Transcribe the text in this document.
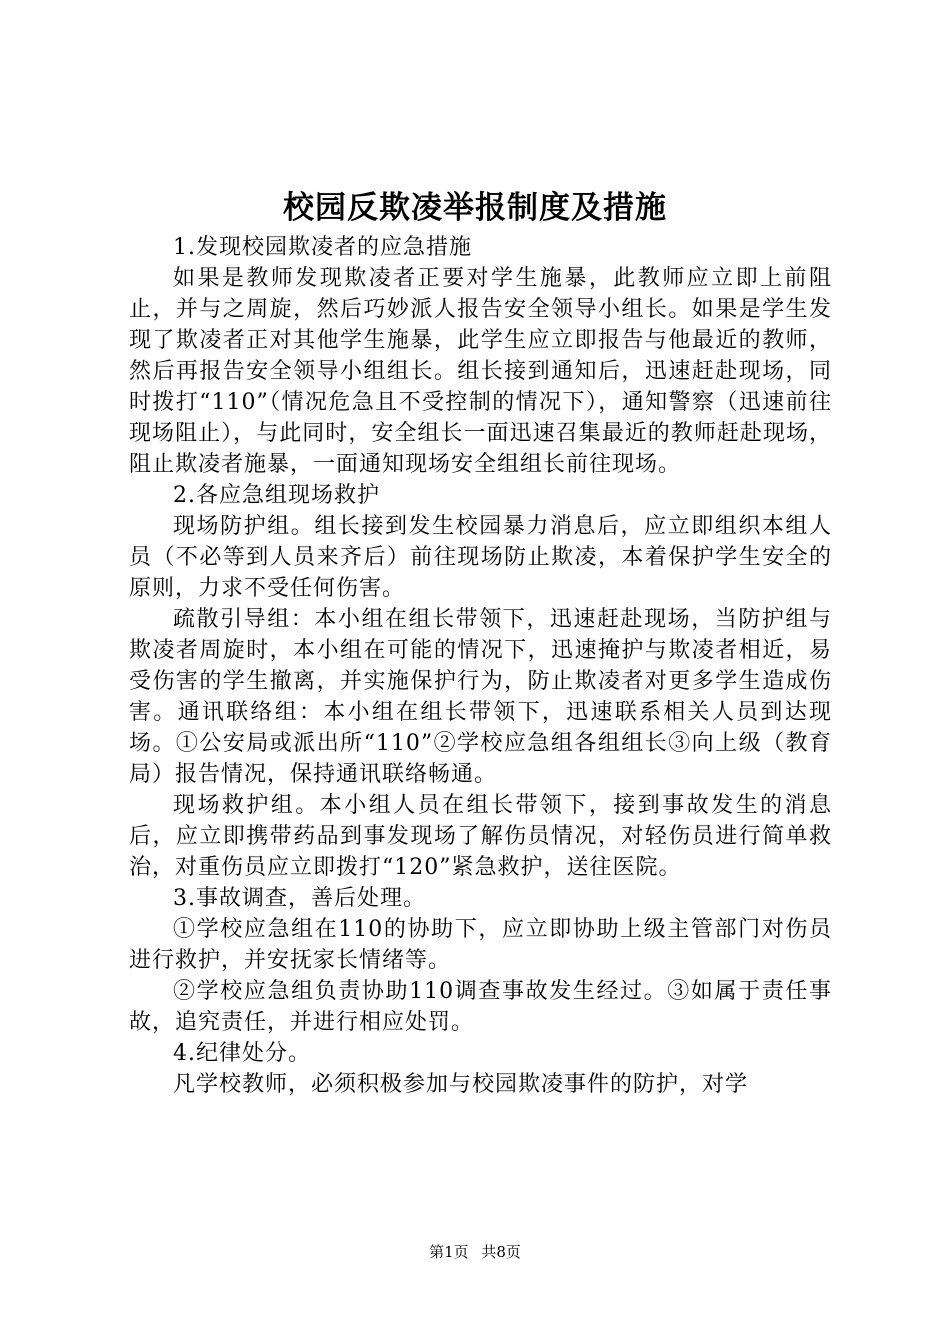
校园反欺凌举报制度及措施

1.发现校园欺凌者的应急措施

如果是教师发现欺凌者正要对学生施暴，此教师应立即上前阻止，并与之周旋，然后巧妙派人报告安全领导小组长。如果是学生发现了欺凌者正对其他学生施暴，此学生应立即报告与他最近的教师，然后再报告安全领导小组组长。组长接到通知后，迅速赶赴现场，同时拨打“110”（情况危急且不受控制的情况下），通知警察（迅速前往现场阻止），与此同时，安全组长一面迅速召集最近的教师赶赴现场，阻止欺凌者施暴，一面通知现场安全组组长前往现场。

2.各应急组现场救护

现场防护组。组长接到发生校园暴力消息后，应立即组织本组人员（不必等到人员来齐后）前往现场防止欺凌，本着保护学生安全的原则，力求不受任何伤害。

疏散引导组：本小组在组长带领下，迅速赶赴现场，当防护组与欺凌者周旋时，本小组在可能的情况下，迅速掩护与欺凌者相近，易受伤害的学生撤离，并实施保护行为，防止欺凌者对更多学生造成伤害。通讯联络组：本小组在组长带领下，迅速联系相关人员到达现场。①公安局或派出所“110”②学校应急组各组组长③向上级（教育局）报告情况，保持通讯联络畅通。

现场救护组。本小组人员在组长带领下，接到事故发生的消息后，应立即携带药品到事发现场了解伤员情况，对轻伤员进行简单救治，对重伤员应立即拨打“120”紧急救护，送往医院。

3.事故调查，善后处理。

①学校应急组在110的协助下，应立即协助上级主管部门对伤员进行救护，并安抚家长情绪等。

②学校应急组负责协助110调查事故发生经过。③如属于责任事故，追究责任，并进行相应处罚。

4.纪律处分。

凡学校教师，必须积极参加与校园欺凌事件的防护，对学

第1页 共8页
